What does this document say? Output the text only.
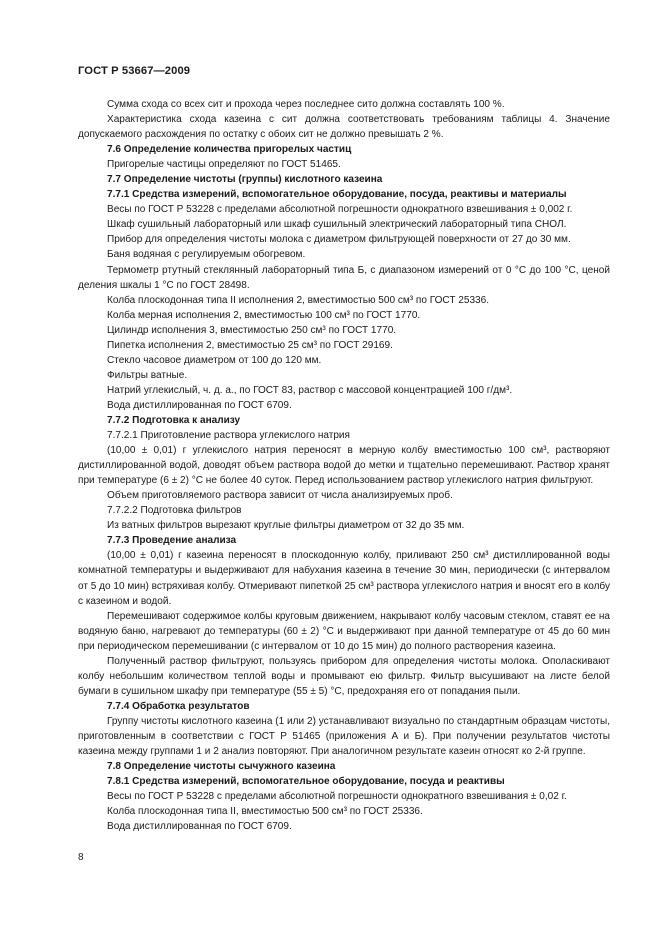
ГОСТ Р 53667—2009

Сумма схода со всех сит и прохода через последнее сито должна составлять 100 %.

Характеристика схода казеина с сит должна соответствовать требованиям таблицы 4. Значение допускаемого расхождения по остатку с обоих сит не должно превышать 2 %.

7.6 Определение количества пригорелых частиц

Пригорелые частицы определяют по ГОСТ 51465.

7.7 Определение чистоты (группы) кислотного казеина

7.7.1 Средства измерений, вспомогательное оборудование, посуда, реактивы и материалы

Весы по ГОСТ Р 53228 с пределами абсолютной погрешности однократного взвешивания ± 0,002 г.

Шкаф сушильный лабораторный или шкаф сушильный электрический лабораторный типа СНОЛ.

Прибор для определения чистоты молока с диаметром фильтрующей поверхности от 27 до 30 мм.

Баня водяная с регулируемым обогревом.

Термометр ртутный стеклянный лабораторный типа Б, с диапазоном измерений от 0 °С до 100 °С, ценой деления шкалы 1 °С по ГОСТ 28498.

Колба плоскодонная типа II исполнения 2, вместимостью 500 см³ по ГОСТ 25336.

Колба мерная исполнения 2, вместимостью 100 см³ по ГОСТ 1770.

Цилиндр исполнения 3, вместимостью 250 см³ по ГОСТ 1770.

Пипетка исполнения 2, вместимостью 25 см³ по ГОСТ 29169.

Стекло часовое диаметром от 100 до 120 мм.

Фильтры ватные.

Натрий углекислый, ч. д. а., по ГОСТ 83, раствор с массовой концентрацией 100 г/дм³.

Вода дистиллированная по ГОСТ 6709.

7.7.2 Подготовка к анализу

7.7.2.1 Приготовление раствора углекислого натрия

(10,00 ± 0,01) г углекислого натрия переносят в мерную колбу вместимостью 100 см³, растворяют дистиллированной водой, доводят объем раствора водой до метки и тщательно перемешивают. Раствор хранят при температуре (6 ± 2) °С не более 40 суток. Перед использованием раствор углекислого натрия фильтруют.

Объем приготовляемого раствора зависит от числа анализируемых проб.

7.7.2.2 Подготовка фильтров

Из ватных фильтров вырезают круглые фильтры диаметром от 32 до 35 мм.

7.7.3 Проведение анализа

(10,00 ± 0,01) г казеина переносят в плоскодонную колбу, приливают 250 см³ дистиллированной воды комнатной температуры и выдерживают для набухания казеина в течение 30 мин, периодически (с интервалом от 5 до 10 мин) встряхивая колбу. Отмеривают пипеткой 25 см³ раствора углекислого натрия и вносят его в колбу с казеином и водой.

Перемешивают содержимое колбы круговым движением, накрывают колбу часовым стеклом, ставят ее на водяную баню, нагревают до температуры (60 ± 2) °С и выдерживают при данной температуре от 45 до 60 мин при периодическом перемешивании (с интервалом от 10 до 15 мин) до полного растворения казеина.

Полученный раствор фильтруют, пользуясь прибором для определения чистоты молока. Ополаскивают колбу небольшим количеством теплой воды и промывают ею фильтр. Фильтр высушивают на листе белой бумаги в сушильном шкафу при температуре (55 ± 5) °С, предохраняя его от попадания пыли.

7.7.4 Обработка результатов

Группу чистоты кислотного казеина (1 или 2) устанавливают визуально по стандартным образцам чистоты, приготовленным в соответствии с ГОСТ Р 51465 (приложения А и Б). При получении результатов чистоты казеина между группами 1 и 2 анализ повторяют. При аналогичном результате казеин относят ко 2-й группе.

7.8 Определение чистоты сычужного казеина

7.8.1 Средства измерений, вспомогательное оборудование, посуда и реактивы

Весы по ГОСТ Р 53228 с пределами абсолютной погрешности однократного взвешивания ± 0,02 г.

Колба плоскодонная типа II, вместимостью 500 см³ по ГОСТ 25336.

Вода дистиллированная по ГОСТ 6709.

8
